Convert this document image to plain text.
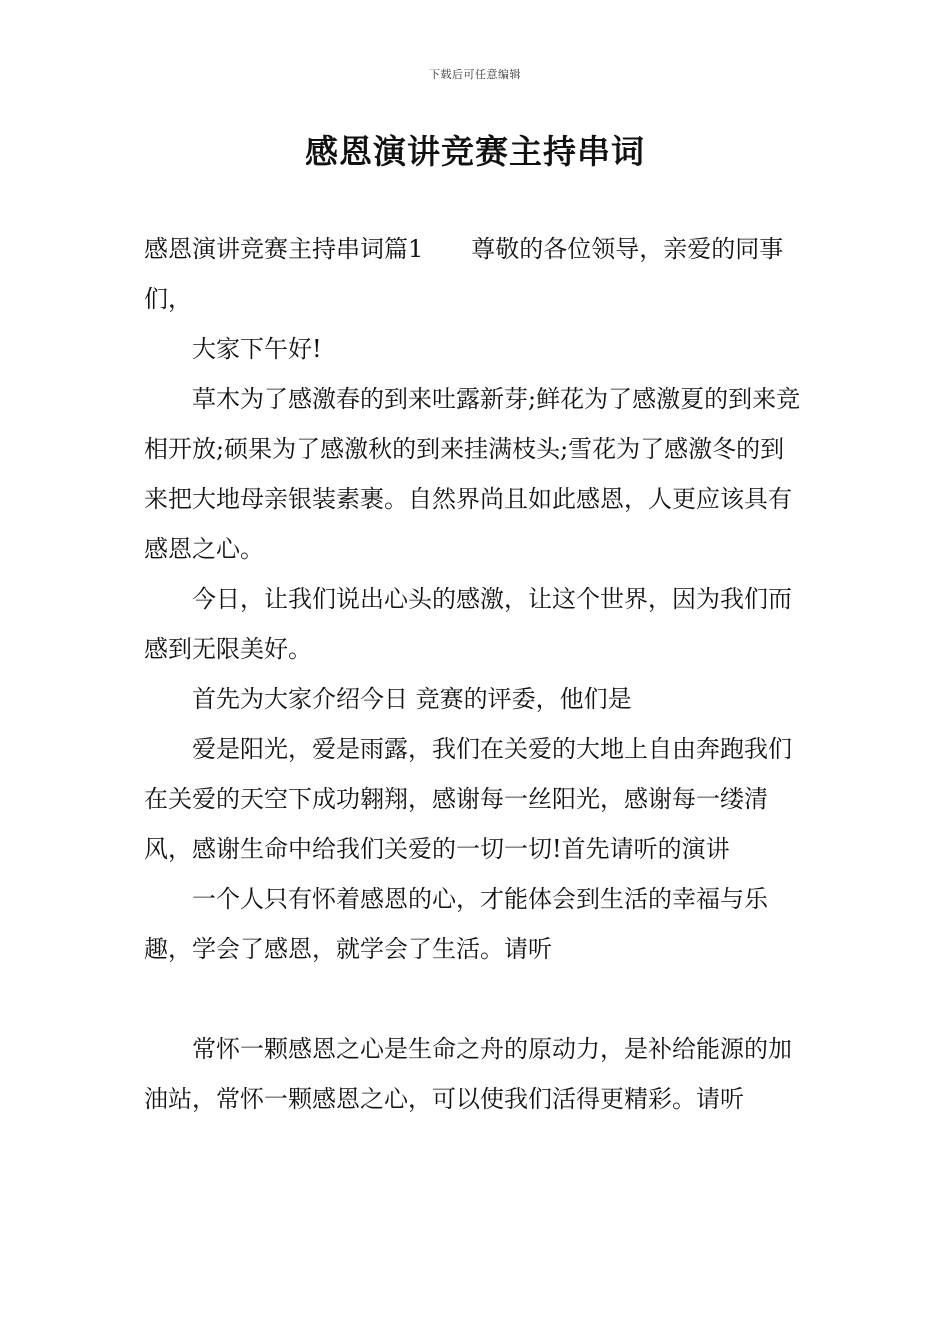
下载后可任意编辑
感恩演讲竞赛主持串词

感恩演讲竞赛主持串词篇1　　尊敬的各位领导，亲爱的同事们，

大家下午好!

草木为了感激春的到来吐露新芽;鲜花为了感激夏的到来竞相开放;硕果为了感激秋的到来挂满枝头;雪花为了感激冬的到来把大地母亲银装素裹。自然界尚且如此感恩，人更应该具有感恩之心。

今日，让我们说出心头的感激，让这个世界，因为我们而感到无限美好。

首先为大家介绍今日 竞赛的评委，他们是

爱是阳光，爱是雨露，我们在关爱的大地上自由奔跑我们在关爱的天空下成功翱翔，感谢每一丝阳光，感谢每一缕清风，感谢生命中给我们关爱的一切一切!首先请听的演讲

一个人只有怀着感恩的心，才能体会到生活的幸福与乐趣，学会了感恩，就学会了生活。请听

常怀一颗感恩之心是生命之舟的原动力，是补给能源的加油站，常怀一颗感恩之心，可以使我们活得更精彩。请听
